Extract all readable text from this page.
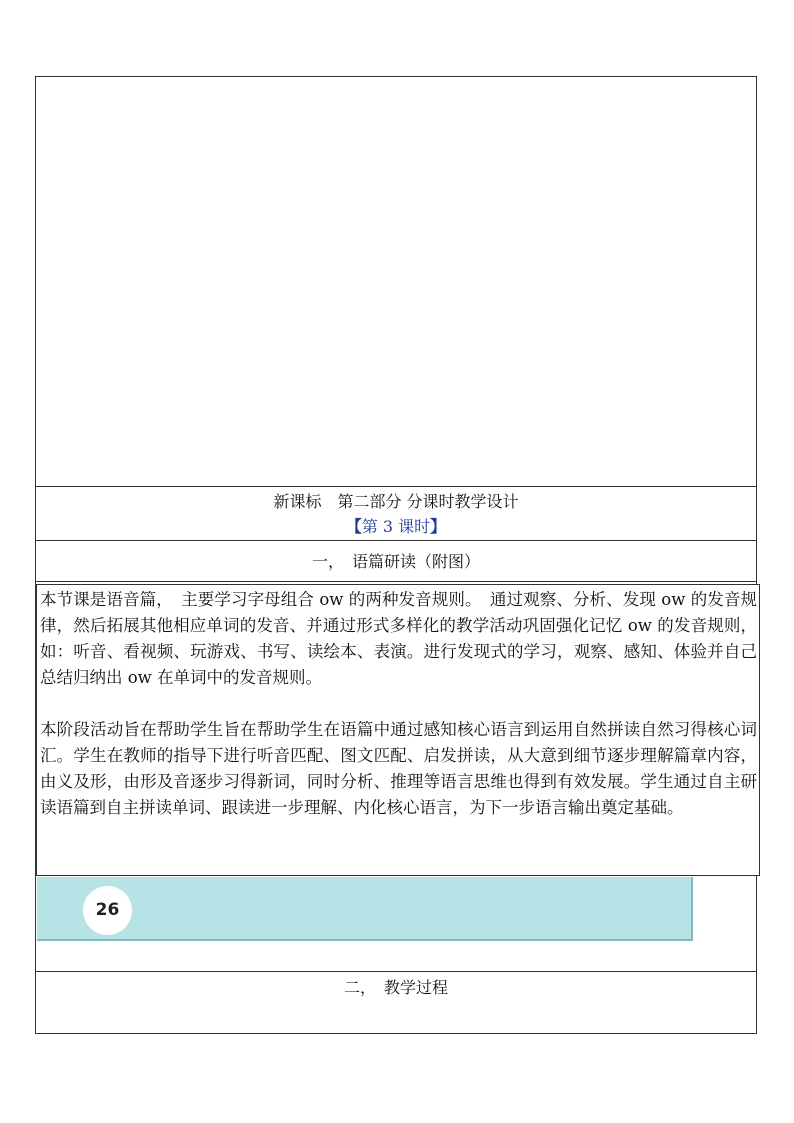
新课标　第二部分 分课时教学设计
【第 3 课时】
一，　语篇研读（附图）

本节课是语音篇，　主要学习字母组合 ow 的两种发音规则。　通过观察、分析、发现 ow 的发音规律，然后拓展其他相应单词的发音、并通过形式多样化的教学活动巩固强化记忆 ow 的发音规则，如：听音、看视频、玩游戏、书写、读绘本、表演。进行发现式的学习，观察、感知、体验并自己总结归纳出 ow 在单词中的发音规则。

本阶段活动旨在帮助学生旨在帮助学生在语篇中通过感知核心语言到运用自然拼读自然习得核心词汇。学生在教师的指导下进行听音匹配、图文匹配、启发拼读，从大意到细节逐步理解篇章内容，由义及形，由形及音逐步习得新词，同时分析、推理等语言思维也得到有效发展。学生通过自主研读语篇到自主拼读单词、跟读进一步理解、内化核心语言，为下一步语言输出奠定基础。

26
二，　教学过程
